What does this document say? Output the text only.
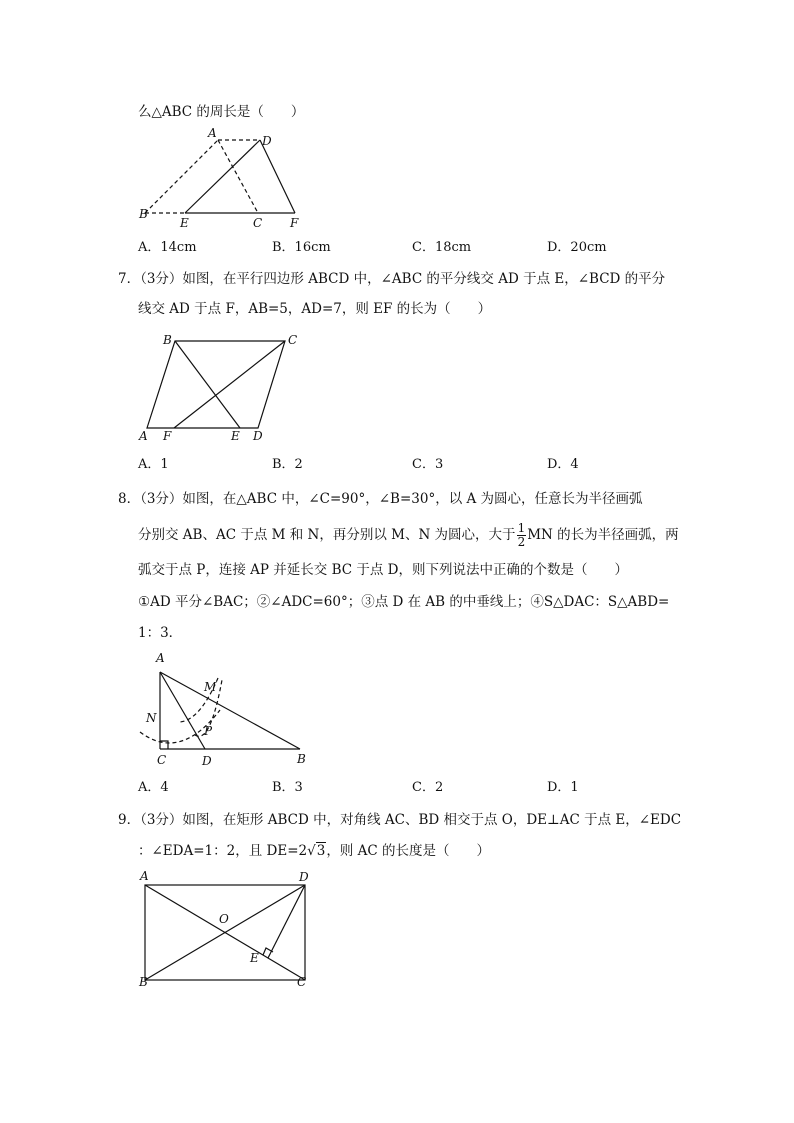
么△ABC 的周长是（　　）
A
D
B
E	C F
A．14cm	B．16cm	C．18cm	D．20cm
7．（3分）如图，在平行四边形 ABCD 中，∠ABC 的平分线交 AD 于点 E，∠BCD 的平分
线交 AD 于点 F，AB=5，AD=7，则 EF 的长为（　　）
B	C
A F	E D
A．1	B．2	C．3	D．4
8．（3分）如图，在△ABC 中，∠C=90°，∠B=30°，以 A 为圆心，任意长为半径画弧
分别交 AB、AC 于点 M 和 N，再分别以 M、N 为圆心，大于 $\frac{1}{2}$ MN 的长为半径画弧，两
弧交于点 P，连接 AP 并延长交 BC 于点 D，则下列说法中正确的个数是（　　）
①AD 平分∠BAC；②∠ADC=60°；③点 D 在 AB 的中垂线上；④S△DAC：S△ABD=
1：3．
A
M
N
P
C	D	B
A．4	B．3	C．2	D．1
9．（3分）如图，在矩形 ABCD 中，对角线 AC、BD 相交于点 O，DE⊥AC 于点 E，∠EDC
：∠EDA=1：2，且 DE=2√3，则 AC 的长度是（　　）
A	D
O
E
B	C
